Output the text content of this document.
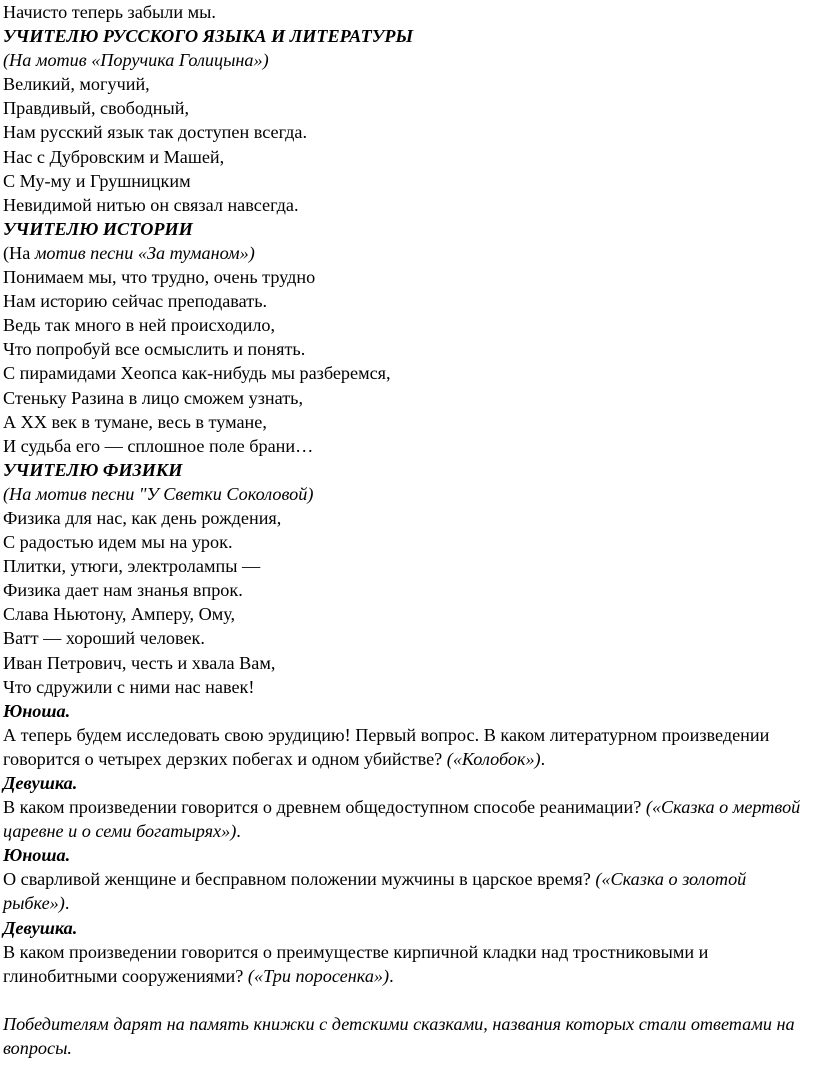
Начисто теперь забыли мы.

УЧИТЕЛЮ РУССКОГО ЯЗЫКА И ЛИТЕРАТУРЫ

(На мотив «Поручика Голицына»)

Великий, могучий,

Правдивый, свободный,

Нам русский язык так доступен всегда.

Нас с Дубровским и Машей,

С Му-му и Грушницким

Невидимой нитью он связал навсегда.

УЧИТЕЛЮ ИСТОРИИ

(На мотив песни «За туманом»)

Понимаем мы, что трудно, очень трудно

Нам историю сейчас преподавать.

Ведь так много в ней происходило,

Что попробуй все осмыслить и понять.

С пирамидами Хеопса как-нибудь мы разберемся,

Стеньку Разина в лицо сможем узнать,

А XX век в тумане, весь в тумане,

И судьба его — сплошное поле брани…

УЧИТЕЛЮ ФИЗИКИ

(На мотив песни "У Светки Соколовой)

Физика для нас, как день рождения,

С радостью идем мы на урок.

Плитки, утюги, электролампы —

Физика дает нам знанья впрок.

Слава Ньютону, Амперу, Ому,

Ватт — хороший человек.

Иван Петрович, честь и хвала Вам,

Что сдружили с ними нас навек!

Юноша.

А теперь будем исследовать свою эрудицию! Первый вопрос. В каком литературном произведении говорится о четырех дерзких побегах и одном убийстве? («Колобок»).

Девушка.

В каком произведении говорится о древнем общедоступном способе реанимации? («Сказка о мертвой царевне и о семи богатырях»).

Юноша.

О сварливой женщине и бесправном положении мужчины в царское время? («Сказка о золотой рыбке»).

Девушка.

В каком произведении говорится о преимуществе кирпичной кладки над тростниковыми и глинобитными сооружениями? («Три поросенка»).

Победителям дарят на память книжки с детскими сказками, названия которых стали ответами на вопросы.
